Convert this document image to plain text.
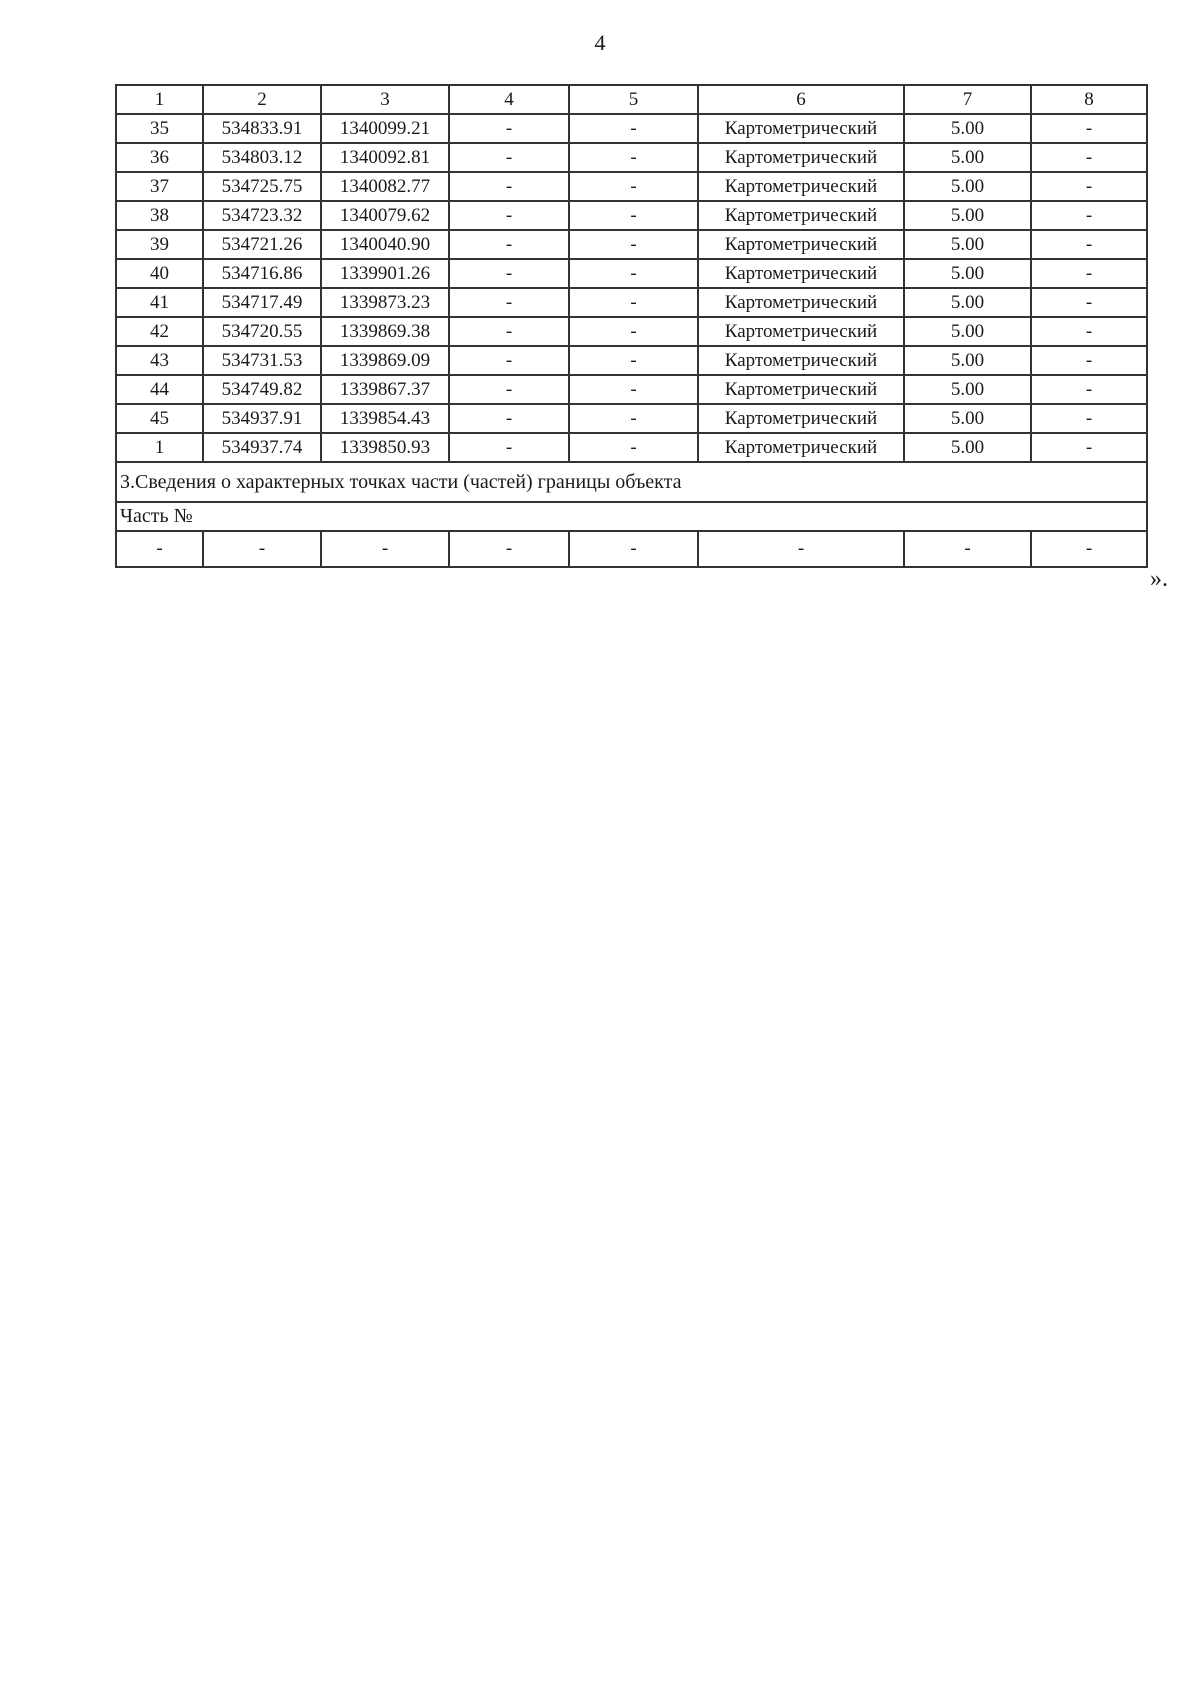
4
1	2	3	4	5	6	7	8
35	534833.91	1340099.21	-	-	Картометрический	5.00	-
36	534803.12	1340092.81	-	-	Картометрический	5.00	-
37	534725.75	1340082.77	-	-	Картометрический	5.00	-
38	534723.32	1340079.62	-	-	Картометрический	5.00	-
39	534721.26	1340040.90	-	-	Картометрический	5.00	-
40	534716.86	1339901.26	-	-	Картометрический	5.00	-
41	534717.49	1339873.23	-	-	Картометрический	5.00	-
42	534720.55	1339869.38	-	-	Картометрический	5.00	-
43	534731.53	1339869.09	-	-	Картометрический	5.00	-
44	534749.82	1339867.37	-	-	Картометрический	5.00	-
45	534937.91	1339854.43	-	-	Картометрический	5.00	-
1	534937.74	1339850.93	-	-	Картометрический	5.00	-
3.Сведения о характерных точках части (частей) границы объекта							
Часть №							
-	-	-	-	-	-	-	-
».
